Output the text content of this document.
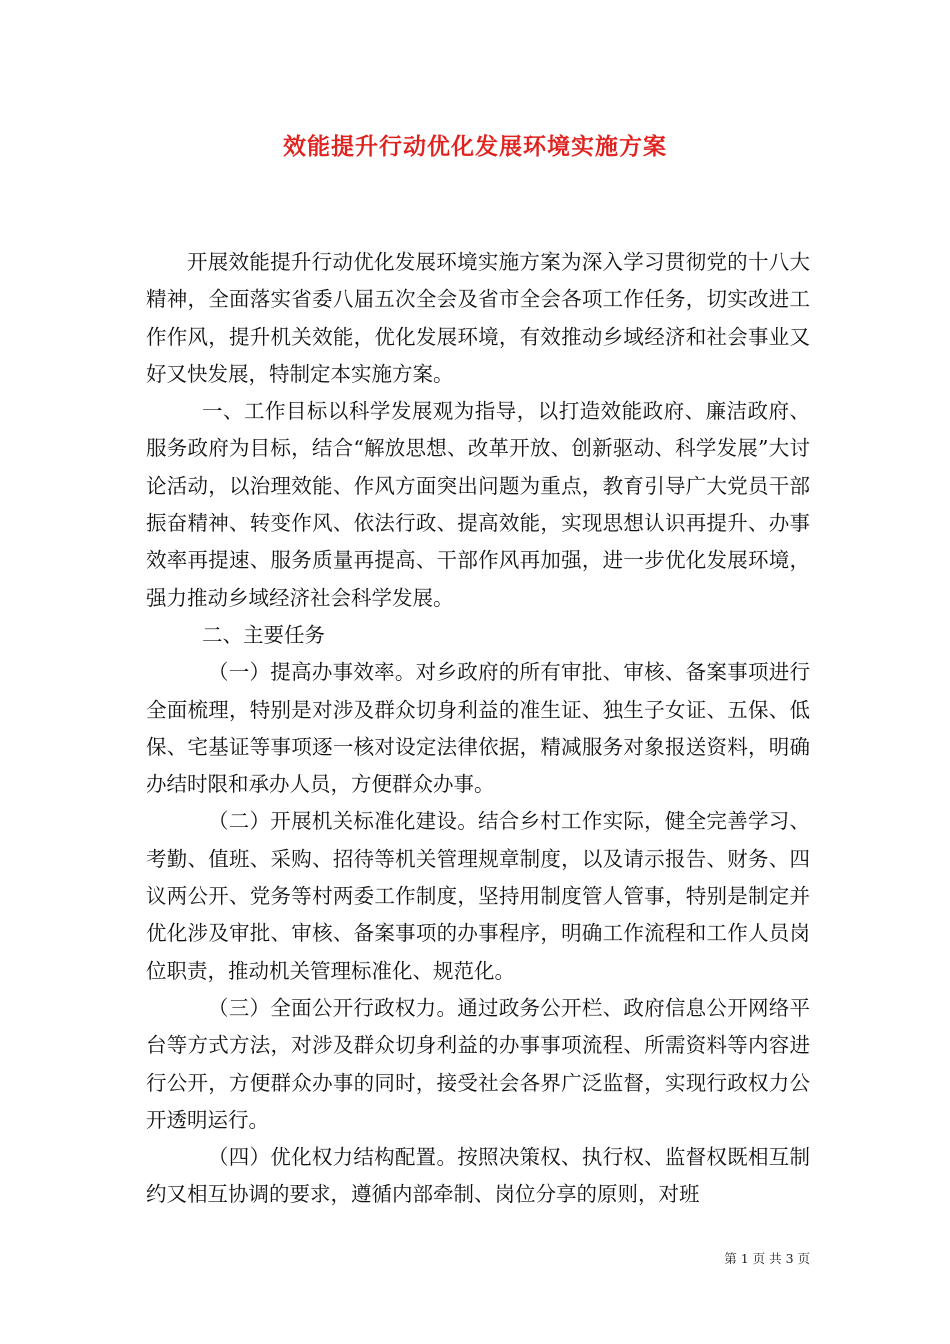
效能提升行动优化发展环境实施方案

开展效能提升行动优化发展环境实施方案为深入学习贯彻党的十八大精神，全面落实省委八届五次全会及省市全会各项工作任务，切实改进工作作风，提升机关效能，优化发展环境，有效推动乡域经济和社会事业又好又快发展，特制定本实施方案。

一、工作目标以科学发展观为指导，以打造效能政府、廉洁政府、服务政府为目标，结合“解放思想、改革开放、创新驱动、科学发展”大讨论活动，以治理效能、作风方面突出问题为重点，教育引导广大党员干部振奋精神、转变作风、依法行政、提高效能，实现思想认识再提升、办事效率再提速、服务质量再提高、干部作风再加强，进一步优化发展环境，强力推动乡域经济社会科学发展。

二、主要任务

（一）提高办事效率。对乡政府的所有审批、审核、备案事项进行全面梳理，特别是对涉及群众切身利益的准生证、独生子女证、五保、低保、宅基证等事项逐一核对设定法律依据，精减服务对象报送资料，明确办结时限和承办人员，方便群众办事。

（二）开展机关标准化建设。结合乡村工作实际，健全完善学习、考勤、值班、采购、招待等机关管理规章制度，以及请示报告、财务、四议两公开、党务等村两委工作制度，坚持用制度管人管事，特别是制定并优化涉及审批、审核、备案事项的办事程序，明确工作流程和工作人员岗位职责，推动机关管理标准化、规范化。

（三）全面公开行政权力。通过政务公开栏、政府信息公开网络平台等方式方法，对涉及群众切身利益的办事事项流程、所需资料等内容进行公开，方便群众办事的同时，接受社会各界广泛监督，实现行政权力公开透明运行。

（四）优化权力结构配置。按照决策权、执行权、监督权既相互制约又相互协调的要求，遵循内部牵制、岗位分享的原则，对班

第 1 页 共 3 页
